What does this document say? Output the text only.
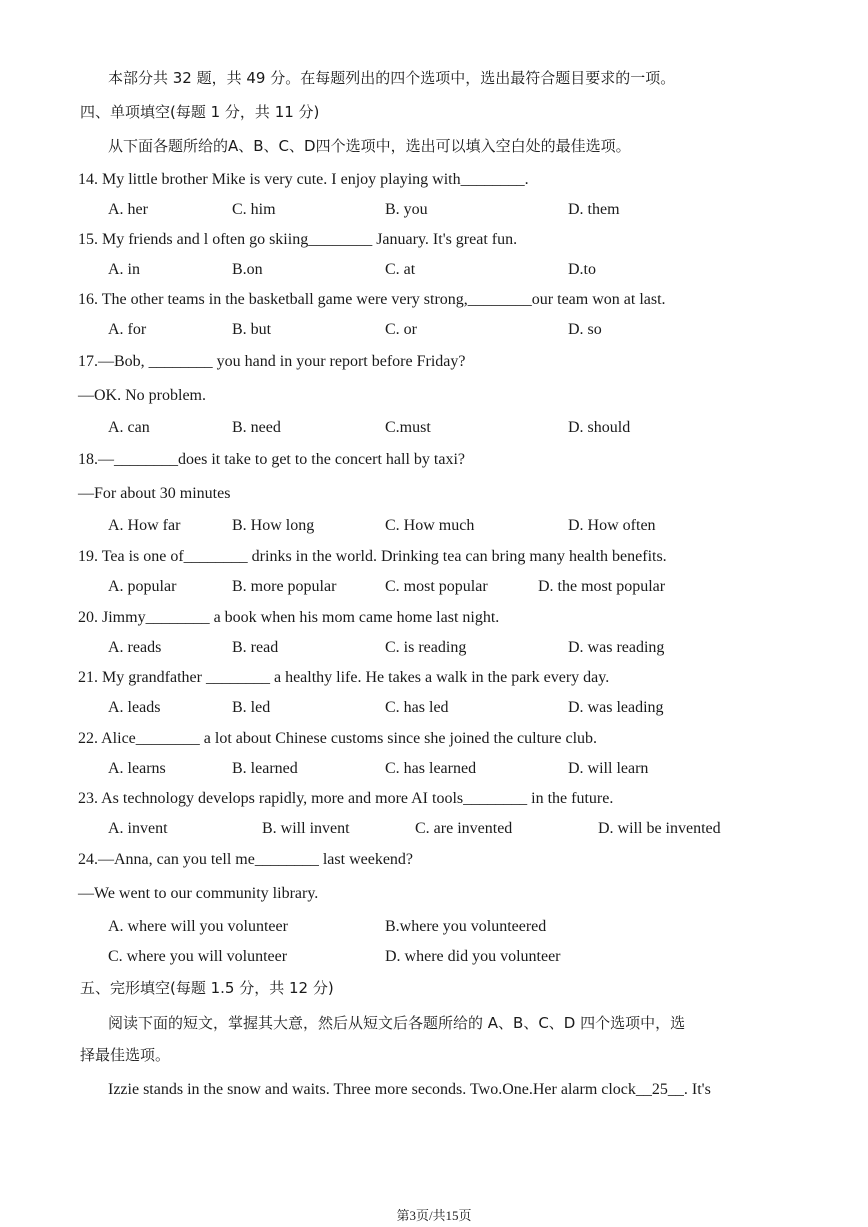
本部分共 32 题，共 49 分。在每题列出的四个选项中，选出最符合题目要求的一项。
四、单项填空(每题 1 分，共 11 分)
从下面各题所给的A、B、C、D四个选项中，选出可以填入空白处的最佳选项。
14. My little brother Mike is very cute. I enjoy playing with________.
A. her	C. him	B. you	D. them
15. My friends and l often go skiing________ January. It's great fun.
A. in	B.on	C. at	D.to
16. The other teams in the basketball game were very strong,________our team won at last.
A. for	B. but	C. or	D. so
17.—Bob, ________ you hand in your report before Friday?
—OK. No problem.
A. can	B. need	C.must	D. should
18.—________does it take to get to the concert hall by taxi?
—For about 30 minutes
A. How far	B. How long	C. How much	D. How often
19. Tea is one of________ drinks in the world. Drinking tea can bring many health benefits.
A. popular	B. more popular	C. most popular	D. the most popular
20. Jimmy________ a book when his mom came home last night.
A. reads	B. read	C. is reading	D. was reading
21. My grandfather ________ a healthy life. He takes a walk in the park every day.
A. leads	B. led	C. has led	D. was leading
22. Alice________ a lot about Chinese customs since she joined the culture club.
A. learns	B. learned	C. has learned	D. will learn
23. As technology develops rapidly, more and more AI tools________ in the future.
A. invent	B. will invent	C. are invented	D. will be invented
24.—Anna, can you tell me________ last weekend?
—We went to our community library.
A. where will you volunteer	B.where you volunteered
C. where you will volunteer	D. where did you volunteer
五、完形填空(每题 1.5 分，共 12 分)
阅读下面的短文，掌握其大意，然后从短文后各题所给的 A、B、C、D 四个选项中，选
择最佳选项。
Izzie stands in the snow and waits. Three more seconds. Two.One.Her alarm clock__25__. It's
第3页/共15页
